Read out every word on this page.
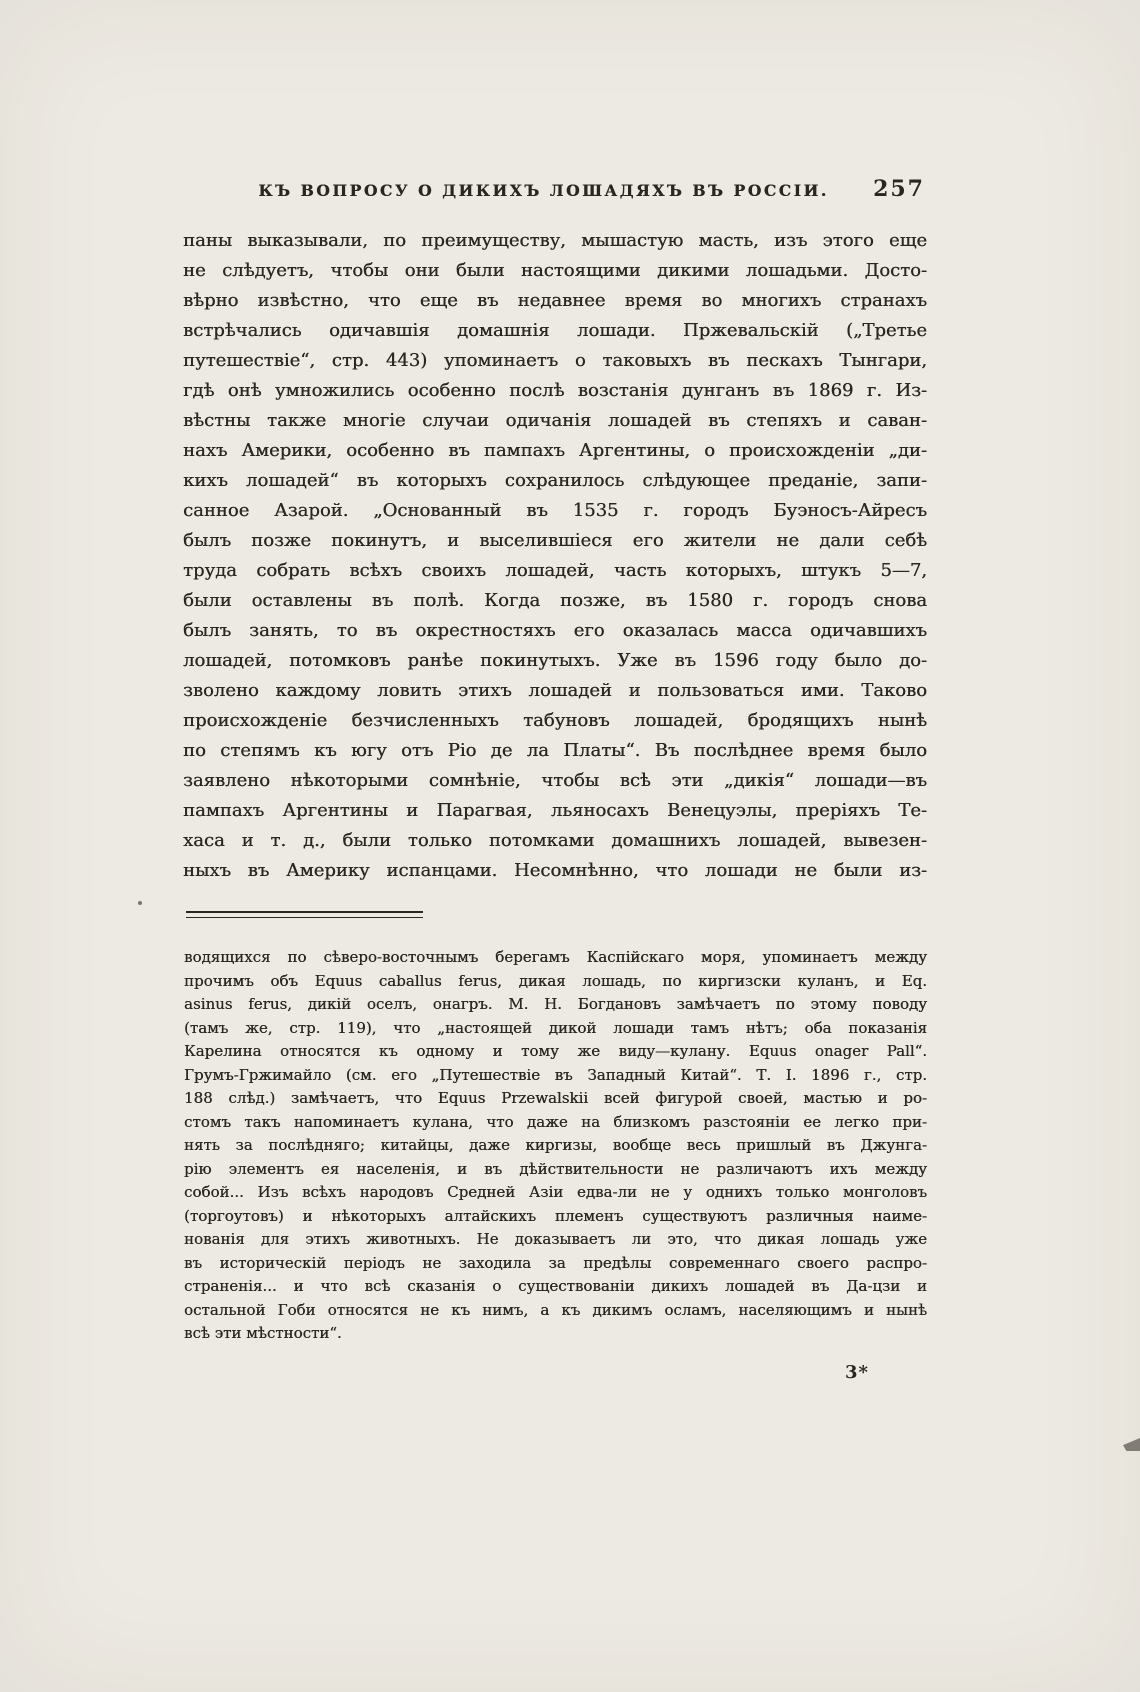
КЪ ВОПРОСУ О ДИКИХЪ ЛОШАДЯХЪ ВЪ РОССІИ. 257
паны выказывали, по преимуществу, мышастую масть, изъ этого еще
не слѣдуетъ, чтобы они были настоящими дикими лошадьми. Досто-
вѣрно извѣстно, что еще въ недавнее время во многихъ странахъ
встрѣчались одичавшія домашнія лошади. Пржевальскій („Третье
путешествіе“, стр. 443) упоминаетъ о таковыхъ въ пескахъ Тынгари,
гдѣ онѣ умножились особенно послѣ возстанія дунганъ въ 1869 г. Из-
вѣстны также многіе случаи одичанія лошадей въ степяхъ и саван-
нахъ Америки, особенно въ пампахъ Аргентины, о происхожденіи „ди-
кихъ лошадей“ въ которыхъ сохранилось слѣдующее преданіе, запи-
санное Азарой. „Основанный въ 1535 г. городъ Буэносъ-Айресъ
былъ позже покинутъ, и выселившіеся его жители не дали себѣ
труда собрать всѣхъ своихъ лошадей, часть которыхъ, штукъ 5—7,
были оставлены въ полѣ. Когда позже, въ 1580 г. городъ снова
былъ занять, то въ окрестностяхъ его оказалась масса одичавшихъ
лошадей, потомковъ ранѣе покинутыхъ. Уже въ 1596 году было до-
зволено каждому ловить этихъ лошадей и пользоваться ими. Таково
происхожденіе безчисленныхъ табуновъ лошадей, бродящихъ нынѣ
по степямъ къ югу отъ Ріо де ла Платы“. Въ послѣднее время было
заявлено нѣкоторыми сомнѣніе, чтобы всѣ эти „дикія“ лошади—въ
пампахъ Аргентины и Парагвая, льяносахъ Венецуэлы, преріяхъ Те-
хаса и т. д., были только потомками домашнихъ лошадей, вывезен-
ныхъ въ Америку испанцами. Несомнѣнно, что лошади не были из-
водящихся по сѣверо-восточнымъ берегамъ Каспійскаго моря, упоминаетъ между
прочимъ объ Equus caballus ferus, дикая лошадь, по киргизски куланъ, и Eq.
asinus ferus, дикій оселъ, онагръ. М. Н. Богдановъ замѣчаетъ по этому поводу
(тамъ же, стр. 119), что „настоящей дикой лошади тамъ нѣтъ; оба показанія
Карелина относятся къ одному и тому же виду—кулану. Equus onager Pall“.
Грумъ-Гржимайло (см. его „Путешествіе въ Западный Китай“. Т. I. 1896 г., стр.
188 слѣд.) замѣчаетъ, что Equus Przewalskii всей фигурой своей, мастью и ро-
стомъ такъ напоминаетъ кулана, что даже на близкомъ разстояніи ее легко при-
нять за послѣдняго; китайцы, даже киргизы, вообще весь пришлый въ Джунга-
рію элементъ ея населенія, и въ дѣйствительности не различаютъ ихъ между
собой... Изъ всѣхъ народовъ Средней Азіи едва-ли не у однихъ только монголовъ
(торгоутовъ) и нѣкоторыхъ алтайскихъ племенъ существуютъ различныя наиме-
нованія для этихъ животныхъ. Не доказываетъ ли это, что дикая лошадь уже
въ историческій періодъ не заходила за предѣлы современнаго своего распро-
страненія... и что всѣ сказанія о существованіи дикихъ лошадей въ Да-цзи и
остальной Гоби относятся не къ нимъ, а къ дикимъ осламъ, населяющимъ и нынѣ
всѣ эти мѣстности“.
3*
